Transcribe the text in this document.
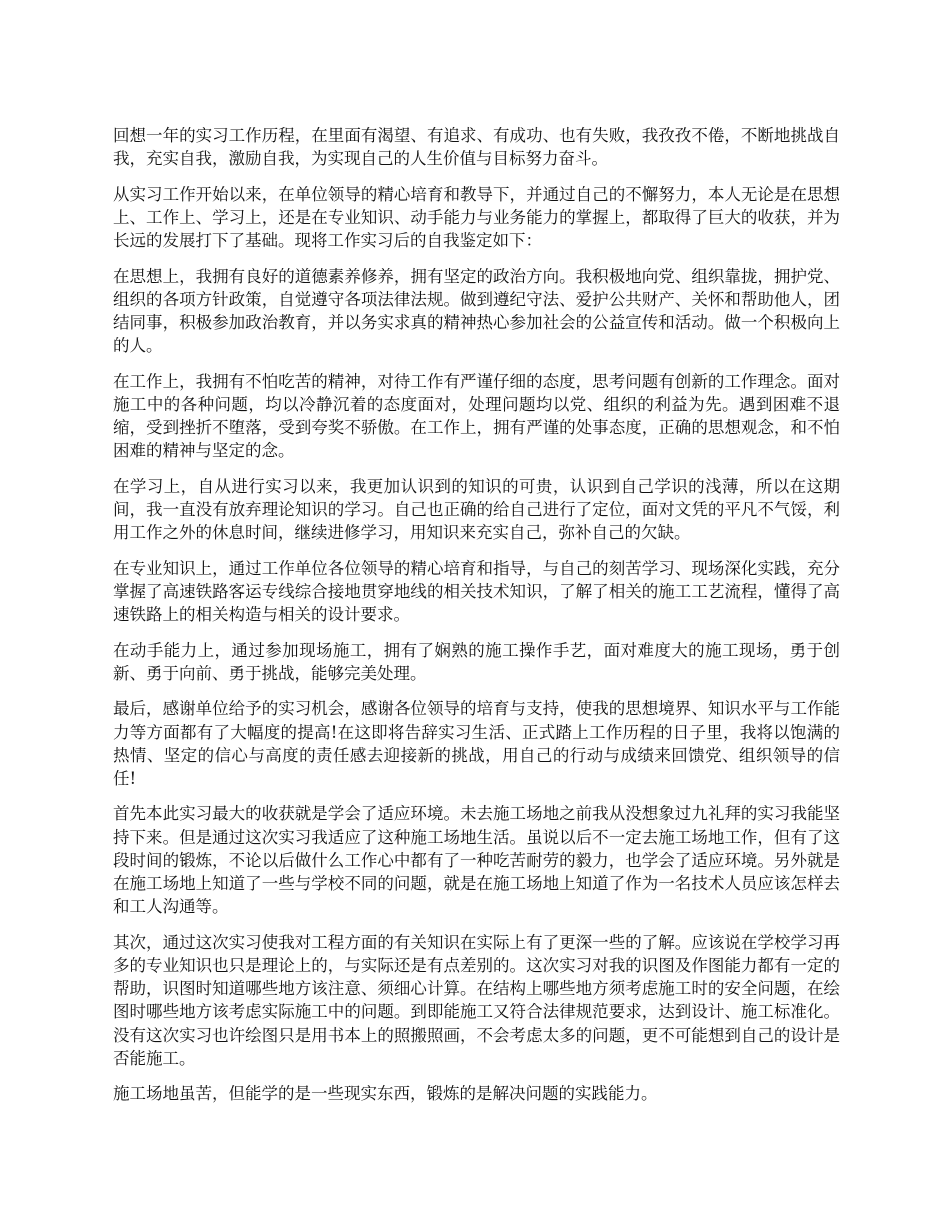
回想一年的实习工作历程，在里面有渴望、有追求、有成功、也有失败，我孜孜不倦，不断地挑战自我，充实自我，激励自我，为实现自己的人生价值与目标努力奋斗。

从实习工作开始以来，在单位领导的精心培育和教导下，并通过自己的不懈努力，本人无论是在思想上、工作上、学习上，还是在专业知识、动手能力与业务能力的掌握上，都取得了巨大的收获，并为长远的发展打下了基础。现将工作实习后的自我鉴定如下：

在思想上，我拥有良好的道德素养修养，拥有坚定的政治方向。我积极地向党、组织靠拢，拥护党、组织的各项方针政策，自觉遵守各项法律法规。做到遵纪守法、爱护公共财产、关怀和帮助他人，团结同事，积极参加政治教育，并以务实求真的精神热心参加社会的公益宣传和活动。做一个积极向上的人。

在工作上，我拥有不怕吃苦的精神，对待工作有严谨仔细的态度，思考问题有创新的工作理念。面对施工中的各种问题，均以冷静沉着的态度面对，处理问题均以党、组织的利益为先。遇到困难不退缩，受到挫折不堕落，受到夸奖不骄傲。在工作上，拥有严谨的处事态度，正确的思想观念，和不怕困难的精神与坚定的念。

在学习上，自从进行实习以来，我更加认识到的知识的可贵，认识到自己学识的浅薄，所以在这期间，我一直没有放弃理论知识的学习。自己也正确的给自己进行了定位，面对文凭的平凡不气馁，利用工作之外的休息时间，继续进修学习，用知识来充实自己，弥补自己的欠缺。

在专业知识上，通过工作单位各位领导的精心培育和指导，与自己的刻苦学习、现场深化实践，充分掌握了高速铁路客运专线综合接地贯穿地线的相关技术知识，了解了相关的施工工艺流程，懂得了高速铁路上的相关构造与相关的设计要求。

在动手能力上，通过参加现场施工，拥有了娴熟的施工操作手艺，面对难度大的施工现场，勇于创新、勇于向前、勇于挑战，能够完美处理。

最后，感谢单位给予的实习机会，感谢各位领导的培育与支持，使我的思想境界、知识水平与工作能力等方面都有了大幅度的提高!在这即将告辞实习生活、正式踏上工作历程的日子里，我将以饱满的热情、坚定的信心与高度的责任感去迎接新的挑战，用自己的行动与成绩来回馈党、组织领导的信任!

首先本此实习最大的收获就是学会了适应环境。未去施工场地之前我从没想象过九礼拜的实习我能坚持下来。但是通过这次实习我适应了这种施工场地生活。虽说以后不一定去施工场地工作，但有了这段时间的锻炼，不论以后做什么工作心中都有了一种吃苦耐劳的毅力，也学会了适应环境。另外就是在施工场地上知道了一些与学校不同的问题，就是在施工场地上知道了作为一名技术人员应该怎样去和工人沟通等。

其次，通过这次实习使我对工程方面的有关知识在实际上有了更深一些的了解。应该说在学校学习再多的专业知识也只是理论上的，与实际还是有点差别的。这次实习对我的识图及作图能力都有一定的帮助，识图时知道哪些地方该注意、须细心计算。在结构上哪些地方须考虑施工时的安全问题，在绘图时哪些地方该考虑实际施工中的问题。到即能施工又符合法律规范要求，达到设计、施工标准化。没有这次实习也许绘图只是用书本上的照搬照画，不会考虑太多的问题，更不可能想到自己的设计是否能施工。

施工场地虽苦，但能学的是一些现实东西，锻炼的是解决问题的实践能力。
